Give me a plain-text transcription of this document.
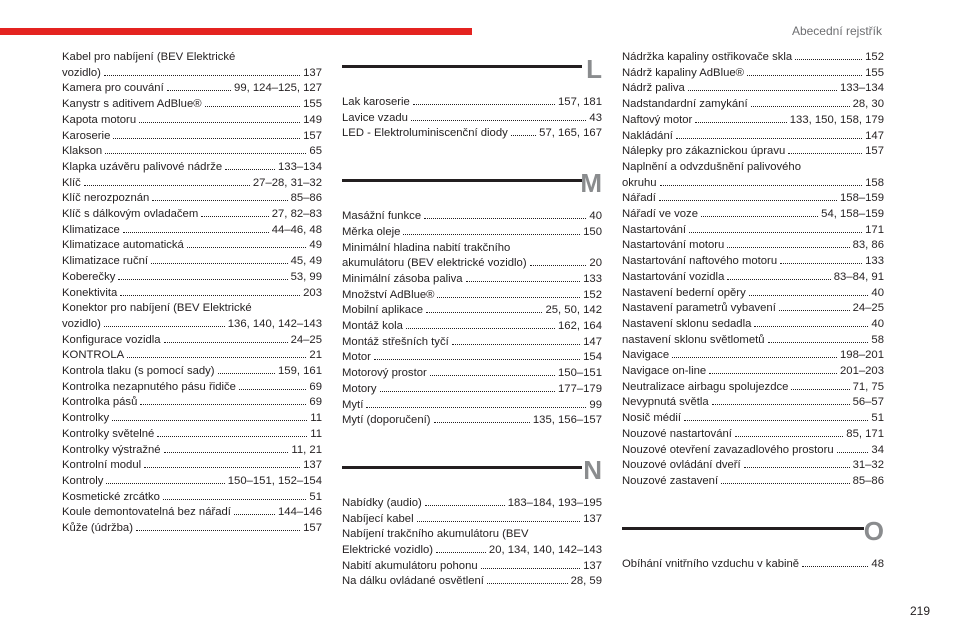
Abecední rejstřík
Kabel pro nabíjení (BEV Elektrické
vozidlo)	137
Kamera pro couvání	99, 124–125, 127
Kanystr s aditivem AdBlue®	155
Kapota motoru	149
Karoserie	157
Klakson	65
Klapka uzávěru palivové nádrže	133–134
Klíč	27–28, 31–32
Klíč nerozpoznán	85–86
Klíč s dálkovým ovladačem	27, 82–83
Klimatizace	44–46, 48
Klimatizace automatická	49
Klimatizace ruční	45, 49
Koberečky	53, 99
Konektivita	203
Konektor pro nabíjení (BEV Elektrické
vozidlo)	136, 140, 142–143
Konfigurace vozidla	24–25
KONTROLA	21
Kontrola tlaku (s pomocí sady)	159, 161
Kontrolka nezapnutého pásu řidiče	69
Kontrolka pásů	69
Kontrolky	11
Kontrolky světelné	11
Kontrolky výstražné	11, 21
Kontrolní modul	137
Kontroly	150–151, 152–154
Kosmetické zrcátko	51
Koule demontovatelná bez nářadí	144–146
Kůže (údržba)	157
L
Lak karoserie	157, 181
Lavice vzadu	43
LED - Elektroluminiscenční diody	57, 165, 167
M
Masážní funkce	40
Měrka oleje	150
Minimální hladina nabití trakčního
akumulátoru (BEV elektrické vozidlo)	20
Minimální zásoba paliva	133
Množství AdBlue®	152
Mobilní aplikace	25, 50, 142
Montáž kola	162, 164
Montáž střešních tyčí	147
Motor	154
Motorový prostor	150–151
Motory	177–179
Mytí	99
Mytí (doporučení)	135, 156–157
N
Nabídky (audio)	183–184, 193–195
Nabíjecí kabel	137
Nabíjení trakčního akumulátoru (BEV
Elektrické vozidlo)	20, 134, 140, 142–143
Nabití akumulátoru pohonu	137
Na dálku ovládané osvětlení	28, 59
Nádržka kapaliny ostřikovače skla	152
Nádrž kapaliny AdBlue®	155
Nádrž paliva	133–134
Nadstandardní zamykání	28, 30
Naftový motor	133, 150, 158, 179
Nakládání	147
Nálepky pro zákaznickou úpravu	157
Naplnění a odvzdušnění palivového
okruhu	158
Nářadí	158–159
Nářadí ve voze	54, 158–159
Nastartování	171
Nastartování motoru	83, 86
Nastartování naftového motoru	133
Nastartování vozidla	83–84, 91
Nastavení bederní opěry	40
Nastavení parametrů vybavení	24–25
Nastavení sklonu sedadla	40
nastavení sklonu světlometů	58
Navigace	198–201
Navigace on-line	201–203
Neutralizace airbagu spolujezdce	71, 75
Nevypnutá světla	56–57
Nosič médií	51
Nouzové nastartování	85, 171
Nouzové otevření zavazadlového prostoru	34
Nouzové ovládání dveří	31–32
Nouzové zastavení	85–86
O
Obíhání vnitřního vzduchu v kabině	48
219
